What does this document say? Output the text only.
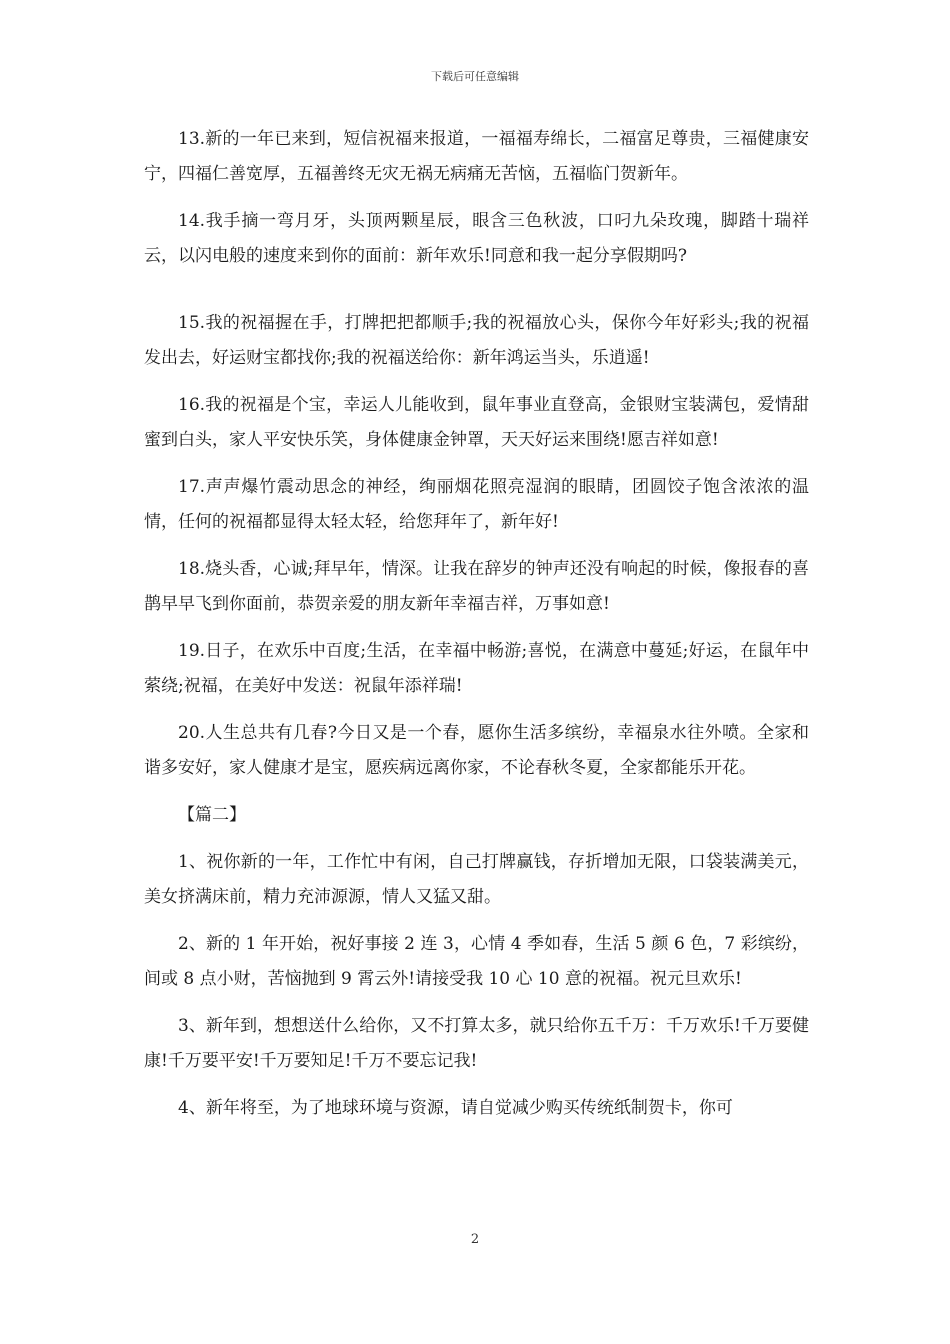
下载后可任意编辑

13.新的一年已来到，短信祝福来报道，一福福寿绵长，二福富足尊贵，三福健康安宁，四福仁善宽厚，五福善终无灾无祸无病痛无苦恼，五福临门贺新年。

14.我手摘一弯月牙，头顶两颗星辰，眼含三色秋波，口叼九朵玫瑰，脚踏十瑞祥云，以闪电般的速度来到你的面前：新年欢乐!同意和我一起分享假期吗?

15.我的祝福握在手，打牌把把都顺手;我的祝福放心头，保你今年好彩头;我的祝福发出去，好运财宝都找你;我的祝福送给你：新年鸿运当头，乐逍遥!

16.我的祝福是个宝，幸运人儿能收到，鼠年事业直登高，金银财宝装满包，爱情甜蜜到白头，家人平安快乐笑，身体健康金钟罩，天天好运来围绕!愿吉祥如意!

17.声声爆竹震动思念的神经，绚丽烟花照亮湿润的眼睛，团圆饺子饱含浓浓的温情，任何的祝福都显得太轻太轻，给您拜年了，新年好!

18.烧头香，心诚;拜早年，情深。让我在辞岁的钟声还没有响起的时候，像报春的喜鹊早早飞到你面前，恭贺亲爱的朋友新年幸福吉祥，万事如意!

19.日子，在欢乐中百度;生活，在幸福中畅游;喜悦，在满意中蔓延;好运，在鼠年中萦绕;祝福，在美好中发送：祝鼠年添祥瑞!

20.人生总共有几春?今日又是一个春，愿你生活多缤纷，幸福泉水往外喷。全家和谐多安好，家人健康才是宝，愿疾病远离你家，不论春秋冬夏，全家都能乐开花。

【篇二】

1、祝你新的一年，工作忙中有闲，自己打牌赢钱，存折增加无限，口袋装满美元，美女挤满床前，精力充沛源源，情人又猛又甜。

2、新的 1 年开始，祝好事接 2 连 3，心情 4 季如春，生活 5 颜 6 色，7 彩缤纷，间或 8 点小财，苦恼抛到 9 霄云外!请接受我 10 心 10 意的祝福。祝元旦欢乐!

3、新年到，想想送什么给你，又不打算太多，就只给你五千万：千万欢乐!千万要健康!千万要平安!千万要知足!千万不要忘记我!

4、新年将至，为了地球环境与资源，请自觉减少购买传统纸制贺卡，你可

2
